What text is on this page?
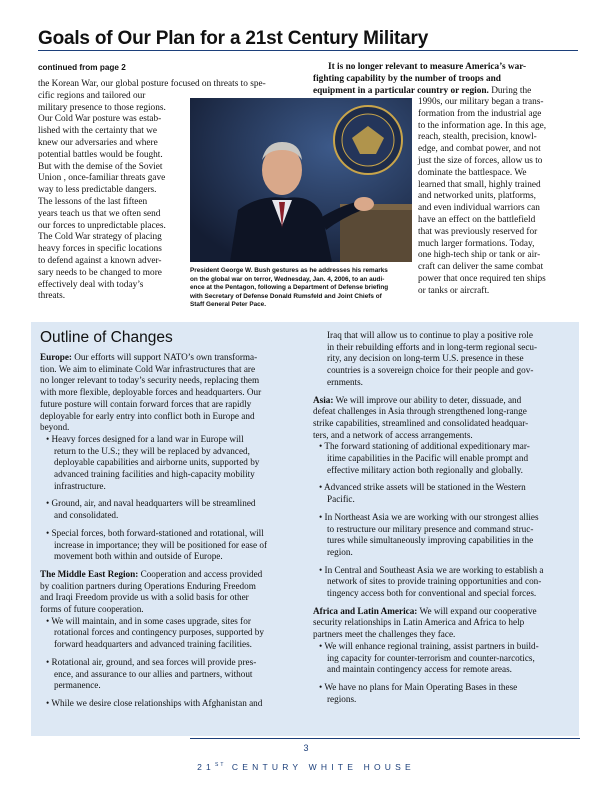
Goals of Our Plan for a 21st Century Military
continued from page 2
the Korean War, our global posture focused on threats to spe-
cific regions and tailored our
military presence to those regions.
Our Cold War posture was estab-
lished with the certainty that we
knew our adversaries and where
potential battles would be fought.
But with the demise of the Soviet
Union , once-familiar threats gave
way to less predictable dangers.
The lessons of the last fifteen
years teach us that we often send
our forces to unpredictable places.
The Cold War strategy of placing
heavy forces in specific locations
to defend against a known adver-
sary needs to be changed to more
effectively deal with today’s
threats.
It is no longer relevant to measure America’s war-
fighting capability by the number of troops and
equipment in a particular country or region. During the
1990s, our military began a trans-
formation from the industrial age
to the information age. In this age,
reach, stealth, precision, knowl-
edge, and combat power, and not
just the size of forces, allow us to
dominate the battlespace. We
learned that small, highly trained
and networked units, platforms,
and even individual warriors can
have an effect on the battlefield
that was previously reserved for
much larger formations. Today,
one high-tech ship or tank or air-
craft can deliver the same combat
power that once required ten ships
or tanks or aircraft.
President George W. Bush gestures as he addresses his remarks
on the global war on terror, Wednesday, Jan. 4, 2006, to an audi-
ence at the Pentagon, following a Department of Defense briefing
with Secretary of Defense Donald Rumsfeld and Joint Chiefs of
Staff General Peter Pace.
Outline of Changes
Europe: Our efforts will support NATO’s own transforma-
tion. We aim to eliminate Cold War infrastructures that are
no longer relevant to today’s security needs, replacing them
with more flexible, deployable forces and headquarters. Our
future posture will contain forward forces that are rapidly
deployable for early entry into conflict both in Europe and
beyond.
• Heavy forces designed for a land war in Europe will
return to the U.S.; they will be replaced by advanced,
deployable capabilities and airborne units, supported by
advanced training facilities and high-capacity mobility
infrastructure.
• Ground, air, and naval headquarters will be streamlined
and consolidated.
• Special forces, both forward-stationed and rotational, will
increase in importance; they will be positioned for ease of
movement both within and outside of Europe.
The Middle East Region: Cooperation and access provided
by coalition partners during Operations Enduring Freedom
and Iraqi Freedom provide us with a solid basis for other
forms of future cooperation.
• We will maintain, and in some cases upgrade, sites for
rotational forces and contingency purposes, supported by
forward headquarters and advanced training facilities.
• Rotational air, ground, and sea forces will provide pres-
ence, and assurance to our allies and partners, without
permanence.
• While we desire close relationships with Afghanistan and
Iraq that will allow us to continue to play a positive role
in their rebuilding efforts and in long-term regional secu-
rity, any decision on long-term U.S. presence in these
countries is a sovereign choice for their people and gov-
ernments.
Asia: We will improve our ability to deter, dissuade, and
defeat challenges in Asia through strengthened long-range
strike capabilities, streamlined and consolidated headquar-
ters, and a network of access arrangements.
• The forward stationing of additional expeditionary mar-
itime capabilities in the Pacific will enable prompt and
effective military action both regionally and globally.
• Advanced strike assets will be stationed in the Western
Pacific.
• In Northeast Asia we are working with our strongest allies
to restructure our military presence and command struc-
tures while simultaneously improving capabilities in the
region.
• In Central and Southeast Asia we are working to establish a
network of sites to provide training opportunities and con-
tingency access both for conventional and special forces.
Africa and Latin America: We will expand our cooperative
security relationships in Latin America and Africa to help
partners meet the challenges they face.
• We will enhance regional training, assist partners in build-
ing capacity for counter-terrorism and counter-narcotics,
and maintain contingency access for remote areas.
• We have no plans for Main Operating Bases in these
regions.
3
21ST CENTURY WHITE HOUSE
